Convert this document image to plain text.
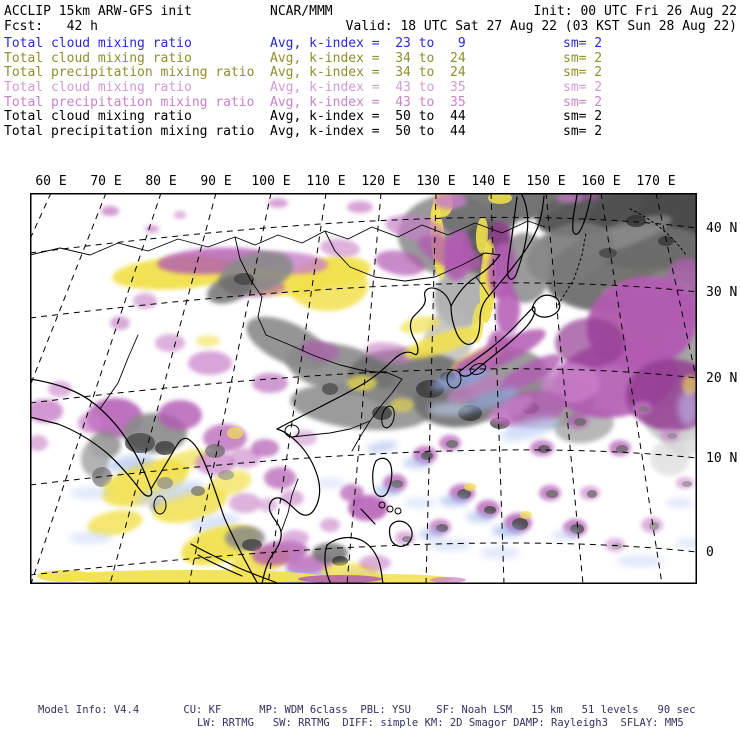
ACCLIP 15km ARW-GFS init	NCAR/MMM	Init: 00 UTC Fri 26 Aug 22
Fcst:   42 h	Valid: 18 UTC Sat 27 Aug 22 (03 KST Sun 28 Aug 22)
Total cloud mixing ratio	Avg, k-index =  23 to   9	sm= 2
Total cloud mixing ratio	Avg, k-index =  34 to  24	sm= 2
Total precipitation mixing ratio Avg, k-index =  34 to  24	sm= 2
Total cloud mixing ratio	Avg, k-index =  43 to  35	sm= 2
Total precipitation mixing ratio Avg, k-index =  43 to  35	sm= 2
Total cloud mixing ratio	Avg, k-index =  50 to  44	sm= 2
Total precipitation mixing ratio Avg, k-index =  50 to  44	sm= 2
60 E 70 E 80 E 90 E 100 E 110 E 120 E 130 E 140 E 150 E 160 E 170 E
40 N
30 N
20 N
10 N
0
Model Info: V4.4       CU: KF      MP: WDM 6class  PBL: YSU    SF: Noah LSM   15 km   51 levels   90 sec
LW: RRTMG   SW: RRTMG  DIFF: simple KM: 2D Smagor DAMP: Rayleigh3  SFLAY: MM5
